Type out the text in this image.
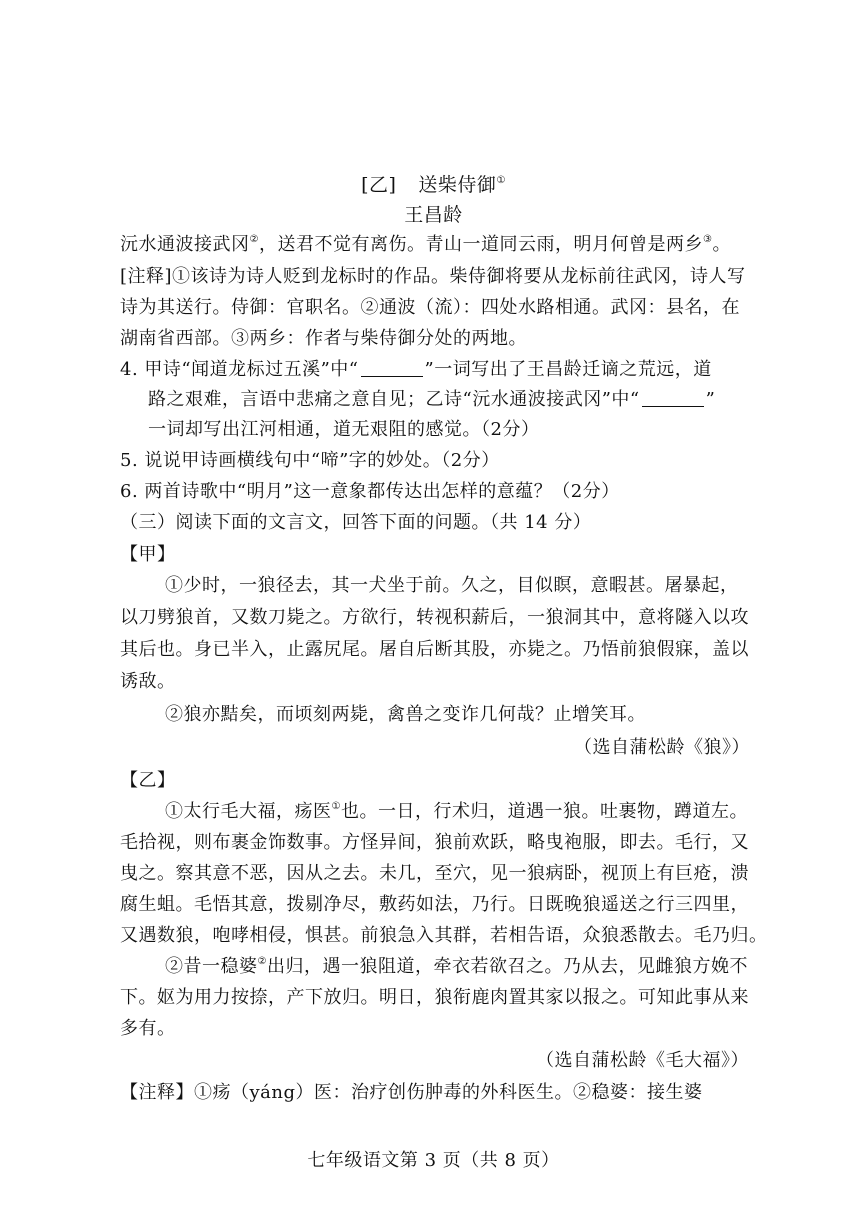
[乙] 送柴侍御①
王昌龄
沅水通波接武冈②，送君不觉有离伤。青山一道同云雨，明月何曾是两乡③。
[注释]①该诗为诗人贬到龙标时的作品。柴侍御将要从龙标前往武冈，诗人写
诗为其送行。侍御：官职名。②通波（流）：四处水路相通。武冈：县名，在
湖南省西部。③两乡：作者与柴侍御分处的两地。
4. 甲诗“闻道龙标过五溪”中“	”一词写出了王昌龄迁谪之荒远，道
路之艰难，言语中悲痛之意自见；乙诗“沅水通波接武冈”中“	”
一词却写出江河相通，道无艰阻的感觉。（2分）
5. 说说甲诗画横线句中“啼”字的妙处。（2分）
6. 两首诗歌中“明月”这一意象都传达出怎样的意蕴？（2分）
（三）阅读下面的文言文，回答下面的问题。（共 14 分）
【甲】
①少时，一狼径去，其一犬坐于前。久之，目似瞑，意暇甚。屠暴起，
以刀劈狼首，又数刀毙之。方欲行，转视积薪后，一狼洞其中，意将隧入以攻
其后也。身已半入，止露尻尾。屠自后断其股，亦毙之。乃悟前狼假寐，盖以
诱敌。
②狼亦黠矣，而顷刻两毙，禽兽之变诈几何哉？止增笑耳。
（选自蒲松龄《狼》）
【乙】
①太行毛大福，疡医①也。一日，行术归，道遇一狼。吐裹物，蹲道左。
毛拾视，则布裹金饰数事。方怪异间，狼前欢跃，略曳袍服，即去。毛行，又
曳之。察其意不恶，因从之去。未几，至穴，见一狼病卧，视顶上有巨疮，溃
腐生蛆。毛悟其意，拨剔净尽，敷药如法，乃行。日既晚狼遥送之行三四里，
又遇数狼，咆哮相侵，惧甚。前狼急入其群，若相告语，众狼悉散去。毛乃归。
②昔一稳婆②出归，遇一狼阻道，牵衣若欲召之。乃从去，见雌狼方娩不
下。妪为用力按捺，产下放归。明日，狼衔鹿肉置其家以报之。可知此事从来
多有。
（选自蒲松龄《毛大福》）
【注释】①疡（yáng）医：治疗创伤肿毒的外科医生。②稳婆：接生婆
七年级语文第 3 页（共 8 页）
